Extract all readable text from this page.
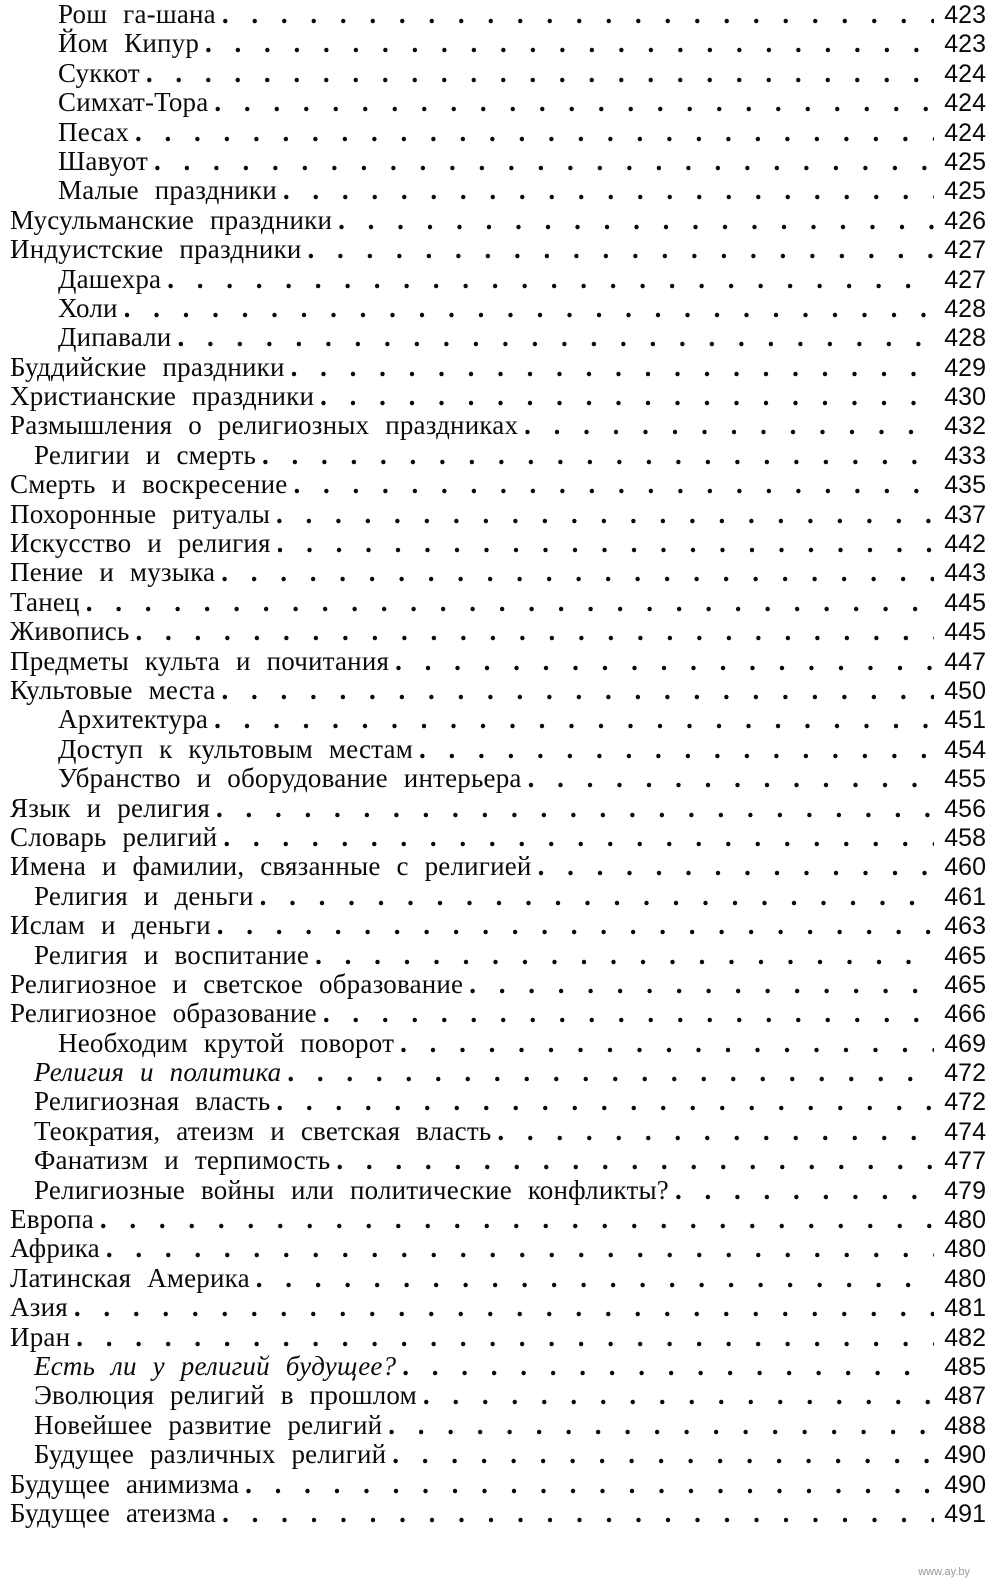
Рош га-шана . . .	423
Йом Кипур . . .	423
Суккот . . .	424
Симхат-Тора . . .	424
Песах . . .	424
Шавуот . . .	425
Малые праздники . . .	425
Мусульманские праздники . . .	426
Индуистские праздники . . .	427
Дашехра . . .	427
Холи . . .	428
Дипавали . . .	428
Буддийские праздники . . .	429
Христианские праздники . . .	430
Размышления о религиозных праздниках . . .	432
Религии и смерть . . .	433
Смерть и воскресение . . .	435
Похоронные ритуалы . . .	437
Искусство и религия . . .	442
Пение и музыка . . .	443
Танец . . .	445
Живопись . . .	445
Предметы культа и почитания . . .	447
Культовые места . . .	450
Архитектура . . .	451
Доступ к культовым местам . . .	454
Убранство и оборудование интерьера . . .	455
Язык и религия . . .	456
Словарь религий . . .	458
Имена и фамилии, связанные с религией . . .	460
Религия и деньги . . .	461
Ислам и деньги . . .	463
Религия и воспитание . . .	465
Религиозное и светское образование . . .	465
Религиозное образование . . .	466
Необходим крутой поворот . . .	469
Религия и политика . . .	472
Религиозная власть . . .	472
Теократия, атеизм и светская власть . . .	474
Фанатизм и терпимость . . .	477
Религиозные войны или политические конфликты? . . .	479
Европа . . .	480
Африка . . .	480
Латинская Америка . . .	480
Азия . . .	481
Иран . . .	482
Есть ли у религий будущее? . . .	485
Эволюция религий в прошлом . . .	487
Новейшее развитие религий . . .	488
Будущее различных религий . . .	490
Будущее анимизма . . .	490
Будущее атеизма . . .	491
www.ay.by
